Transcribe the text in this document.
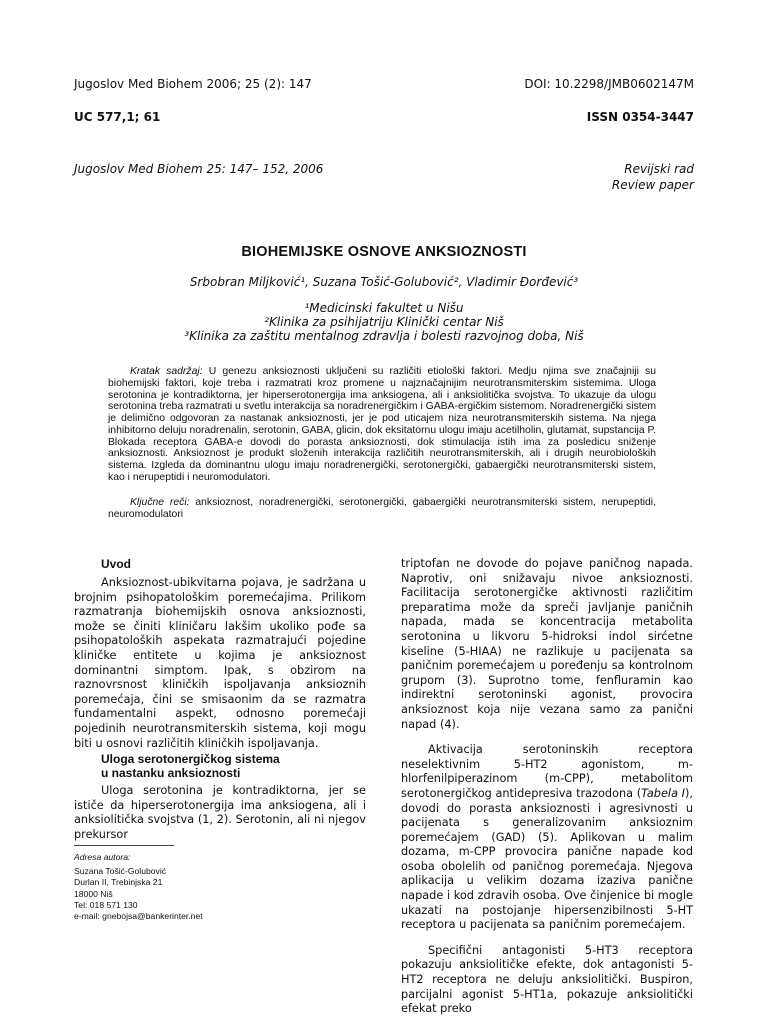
Jugoslov Med Biohem 2006; 25 (2): 147	DOI: 10.2298/JMB0602147M
UC 577,1; 61	ISSN 0354-3447
Jugoslov Med Biohem 25: 147– 152, 2006	Revijski rad
Review paper
BIOHEMIJSKE OSNOVE ANKSIOZNOSTI
Srbobran Miljković¹, Suzana Tošić-Golubović², Vladimir Đorđević³
¹Medicinski fakultet u Nišu
²Klinika za psihijatriju Klinički centar Niš
³Klinika za zaštitu mentalnog zdravlja i bolesti razvojnog doba, Niš
Kratak sadržaj: U genezu anksioznosti uključeni su različiti etiološki faktori. Medju njima sve značajniji su biohemijski faktori, koje treba i razmatrati kroz promene u najznačajnijim neurotransmiterskim sistemima. Uloga serotonina je kontradiktorna, jer hiperserotonergija ima anksiogena, ali i anksiolitička svojstva. To ukazuje da ulogu serotonina treba razmatrati u svetlu interakcija sa noradrenergičkim i GABA-ergičkim sistemom. Noradrenergički sistem je delimično odgovoran za nastanak anksioznosti, jer je pod uticajem niza neurotransmiterskih sistema. Na njega inhibitorno deluju noradrenalin, serotonin, GABA, glicin, dok eksitatornu ulogu imaju acetilholin, glutamat, supstancija P. Blokada receptora GABA-e dovodi do porasta anksioznosti, dok stimulacija istih ima za posledicu sniženje anksioznosti. Anksioznost je produkt složenih interakcija različitih neurotransmiterskih, ali i drugih neurobioloških sistema. Izgleda da dominantnu ulogu imaju noradrenergički, serotonergički, gabaergički neurotransmiterski sistem, kao i nerupeptidi i neuromodulatori.
Ključne reči: anksioznost, noradrenergički, serotonergički, gabaergički neurotransmiterski sistem, nerupeptidi, neuromodulatori
Uvod

Anksioznost-ubikvitarna pojava, je sadržana u brojnim psihopatološkim poremećajima. Prilikom razmatranja biohemijskih osnova anksioznosti, može se činiti kliničaru lakšim ukoliko pođe sa psihopatoloških aspekata razmatrajući pojedine kliničke entitete u kojima je anksioznost dominantni simptom. Ipak, s obzirom na raznovrsnost kliničkih ispoljavanja anksioznih poremećaja, čini se smisaonim da se razmatra fundamentalni aspekt, odnosno poremećaji pojedinih neurotransmiterskih sistema, koji mogu biti u osnovi različitih kliničkih ispoljavanja.

Uloga serotonergičkog sistema
u nastanku anksioznosti

Uloga serotonina je kontradiktorna, jer se ističe da hiperserotonergija ima anksiogena, ali i anksiolitička svojstva (1, 2). Serotonin, ali ni njegov prekursor

Adresa autora:
Suzana Tošić-Golubović
Durlan II, Trebinjska 21
18000 Niš
Tel: 018 571 130
e-mail: gnebojsa@bankerinter.net

triptofan ne dovode do pojave paničnog napada. Naprotiv, oni snižavaju nivoe anksioznosti. Facilitacija serotonergičke aktivnosti različitim preparatima može da spreči javljanje paničnih napada, mada se koncentracija metabolita serotonina u likvoru 5-hidroksi indol sirćetne kiseline (5-HIAA) ne razlikuje u pacijenata sa paničnim poremećajem u poređenju sa kontrolnom grupom (3). Suprotno tome, fenfluramin kao indirektni serotoninski agonist, provocira anksioznost koja nije vezana samo za panični napad (4).

Aktivacija serotoninskih receptora neselektivnim 5-HT2 agonistom, m-hlorfenilpiperazinom (m-CPP), metabolitom serotonergičkog antidepresiva trazodona (Tabela I), dovodi do porasta anksioznosti i agresivnosti u pacijenata s generalizovanim anksioznim poremećajem (GAD) (5). Aplikovan u malim dozama, m-CPP provocira panične napade kod osoba obolelih od paničnog poremećaja. Njegova aplikacija u velikim dozama izaziva panične napade i kod zdravih osoba. Ove činjenice bi mogle ukazati na postojanje hipersenzibilnosti 5-HT receptora u pacijenata sa paničnim poremećajem.

Specifični antagonisti 5-HT3 receptora pokazuju anksiolitičke efekte, dok antagonisti 5-HT2 receptora ne deluju anksiolitički. Buspiron, parcijalni agonist 5-HT1a, pokazuje anksiolitički efekat preko
